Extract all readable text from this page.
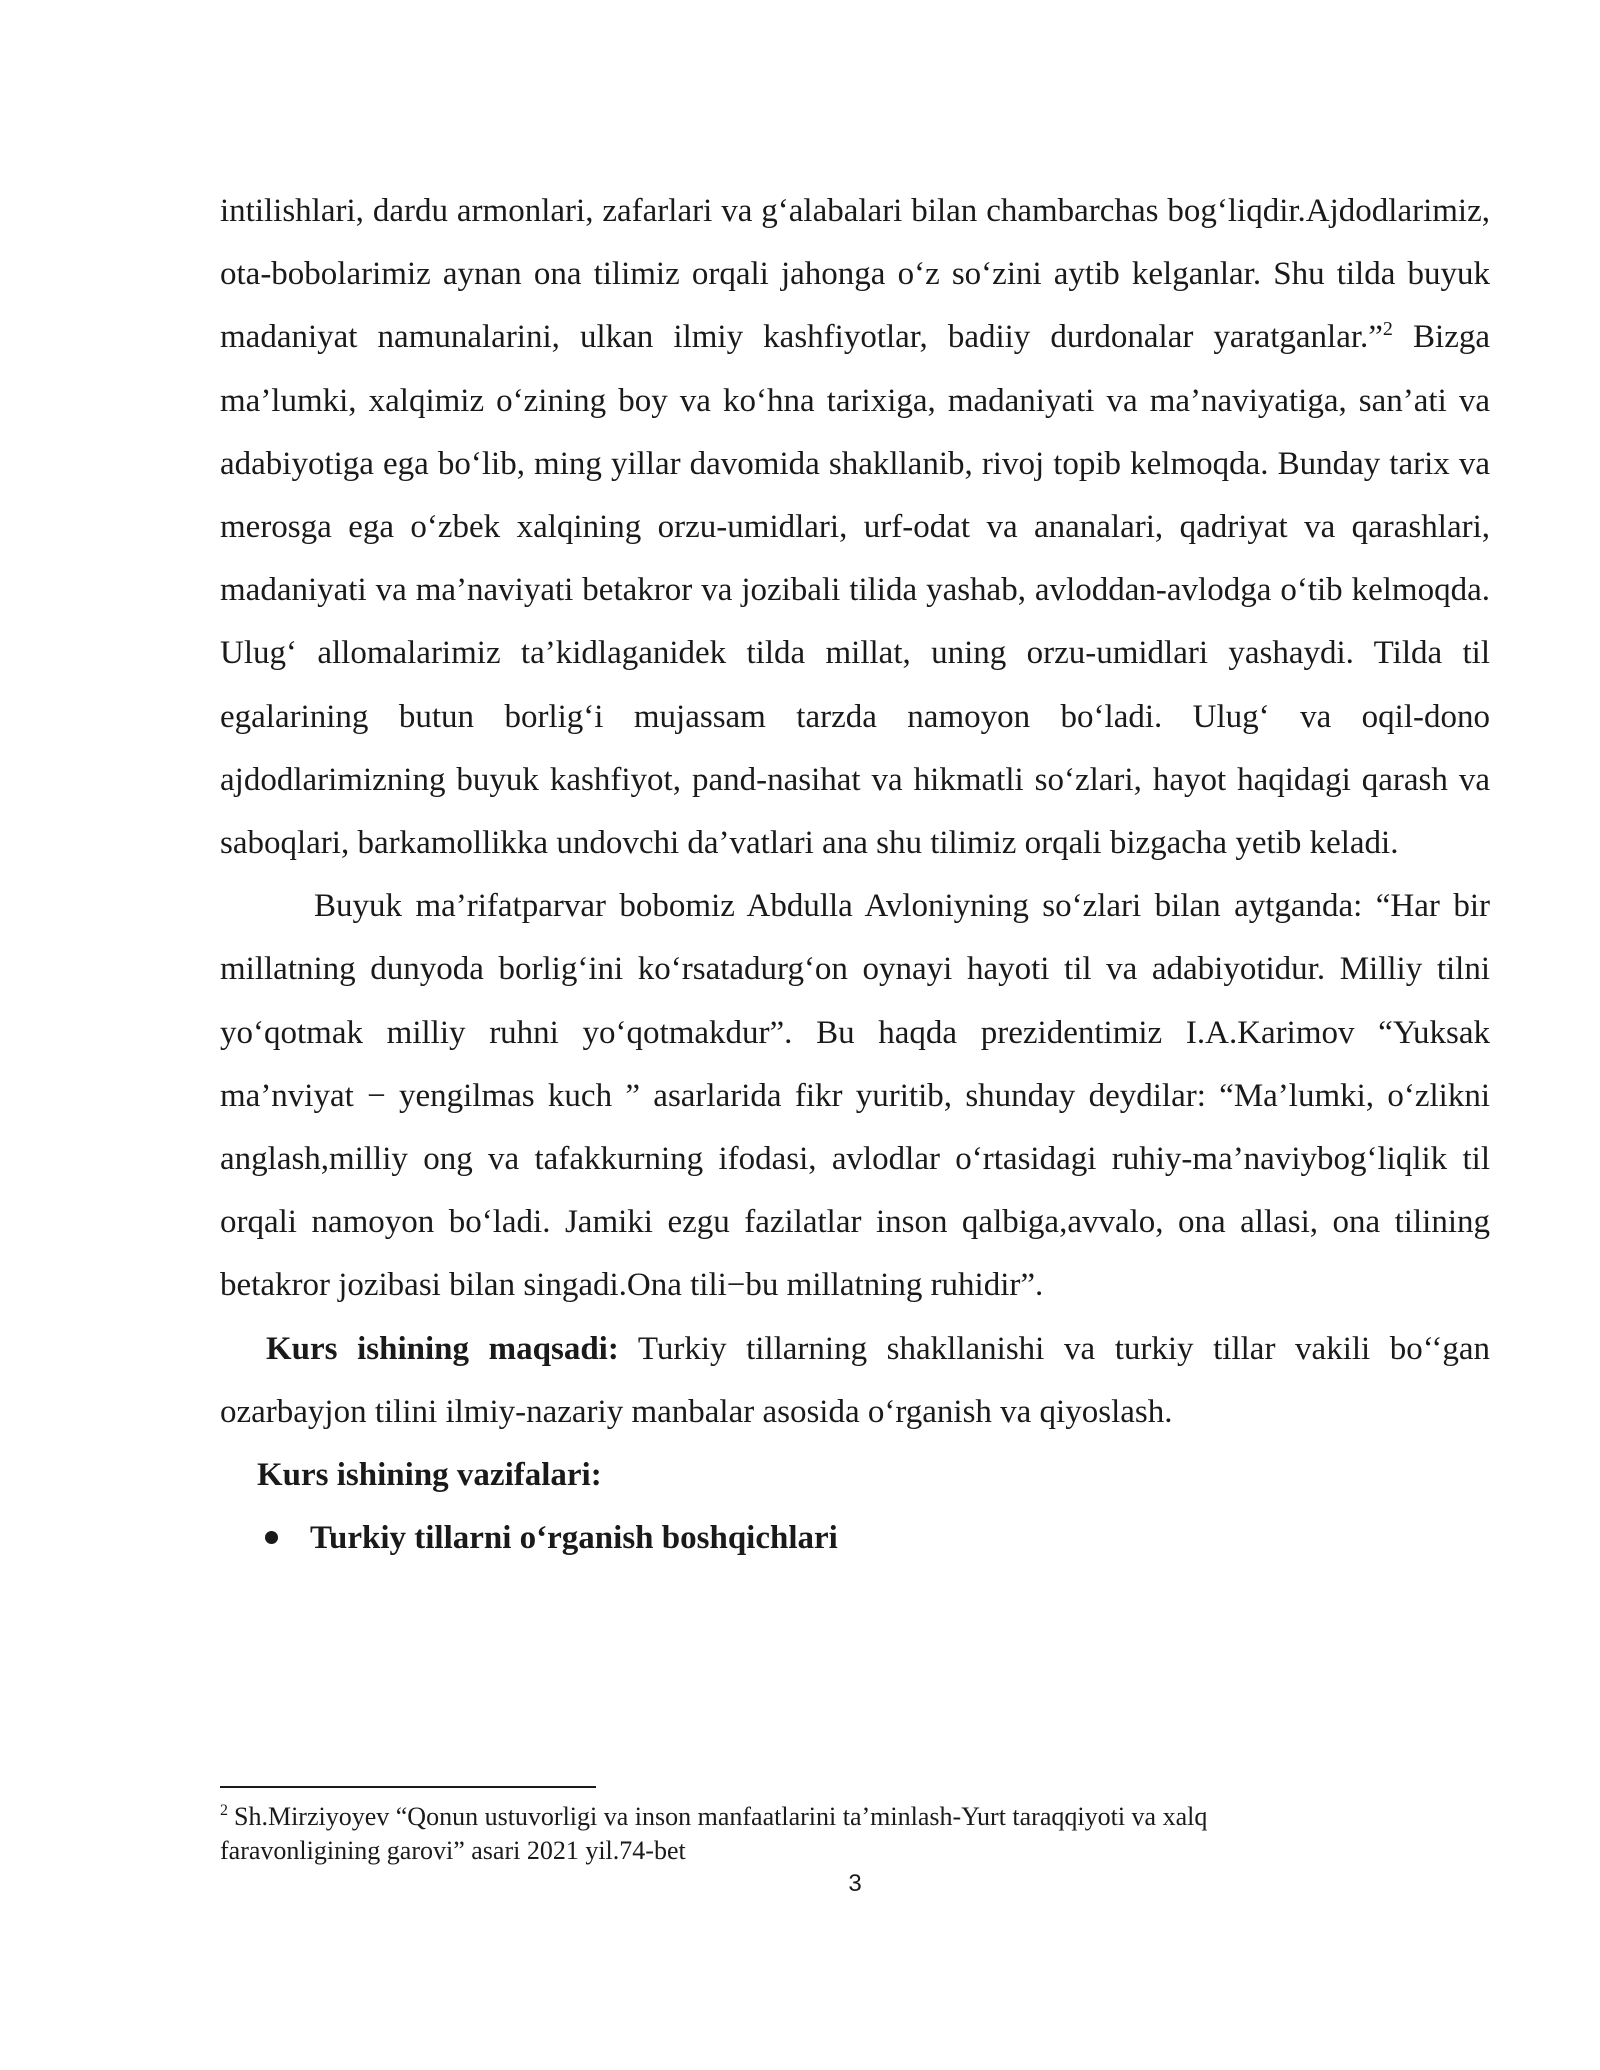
intilishlari, dardu armonlari, zafarlari va g‘alabalari bilan chambarchas bog‘liqdir.Ajdodlarimiz, ota-bobolarimiz aynan ona tilimiz orqali jahonga o‘z so‘zini aytib kelganlar. Shu tilda buyuk madaniyat namunalarini, ulkan ilmiy kashfiyotlar, badiiy durdonalar yaratganlar.”$^2$ Bizga ma’lumki, xalqimiz o‘zining boy va ko‘hna tarixiga, madaniyati va ma’naviyatiga, san’ati va adabiyotiga ega bo‘lib, ming yillar davomida shakllanib, rivoj topib kelmoqda. Bunday tarix va merosga ega o‘zbek xalqining orzu-umidlari, urf-odat va ananalari, qadriyat va qarashlari, madaniyati va ma’naviyati betakror va jozibali tilida yashab, avloddan-avlodga o‘tib kelmoqda. Ulug‘ allomalarimiz ta’kidlaganidek tilda millat, uning orzu-umidlari yashaydi. Tilda til egalarining butun borlig‘i mujassam tarzda namoyon bo‘ladi. Ulug‘ va oqil-dono ajdodlarimizning buyuk kashfiyot, pand-nasihat va hikmatli so‘zlari, hayot haqidagi qarash va saboqlari, barkamollikka undovchi da’vatlari ana shu tilimiz orqali bizgacha yetib keladi.

Buyuk ma’rifatparvar bobomiz Abdulla Avloniyning so‘zlari bilan aytganda: “Har bir millatning dunyoda borlig‘ini ko‘rsatadurg‘on oynayi hayoti til va adabiyotidur. Milliy tilni yo‘qotmak milliy ruhni yo‘qotmakdur”. Bu haqda prezidentimiz I.A.Karimov “Yuksak ma’nviyat − yengilmas kuch ” asarlarida fikr yuritib, shunday deydilar: “Ma’lumki, o‘zlikni anglash,milliy ong va tafakkurning ifodasi, avlodlar o‘rtasidagi ruhiy-ma’naviybog‘liqlik til orqali namoyon bo‘ladi. Jamiki ezgu fazilatlar inson qalbiga,avvalo, ona allasi, ona tilining betakror jozibasi bilan singadi.Ona tili−bu millatning ruhidir”.

Kurs ishining maqsadi: Turkiy tillarning shakllanishi va turkiy tillar vakili bo‘‘gan ozarbayjon tilini ilmiy-nazariy manbalar asosida o‘rganish va qiyoslash.

Kurs ishining vazifalari:

Turkiy tillarni o‘rganish boshqichlari

$^2$ Sh.Mirziyoyev “Qonun ustuvorligi va inson manfaatlarini ta’minlash-Yurt taraqqiyoti va xalq faravonligining garovi” asari 2021 yil.74-bet
3
